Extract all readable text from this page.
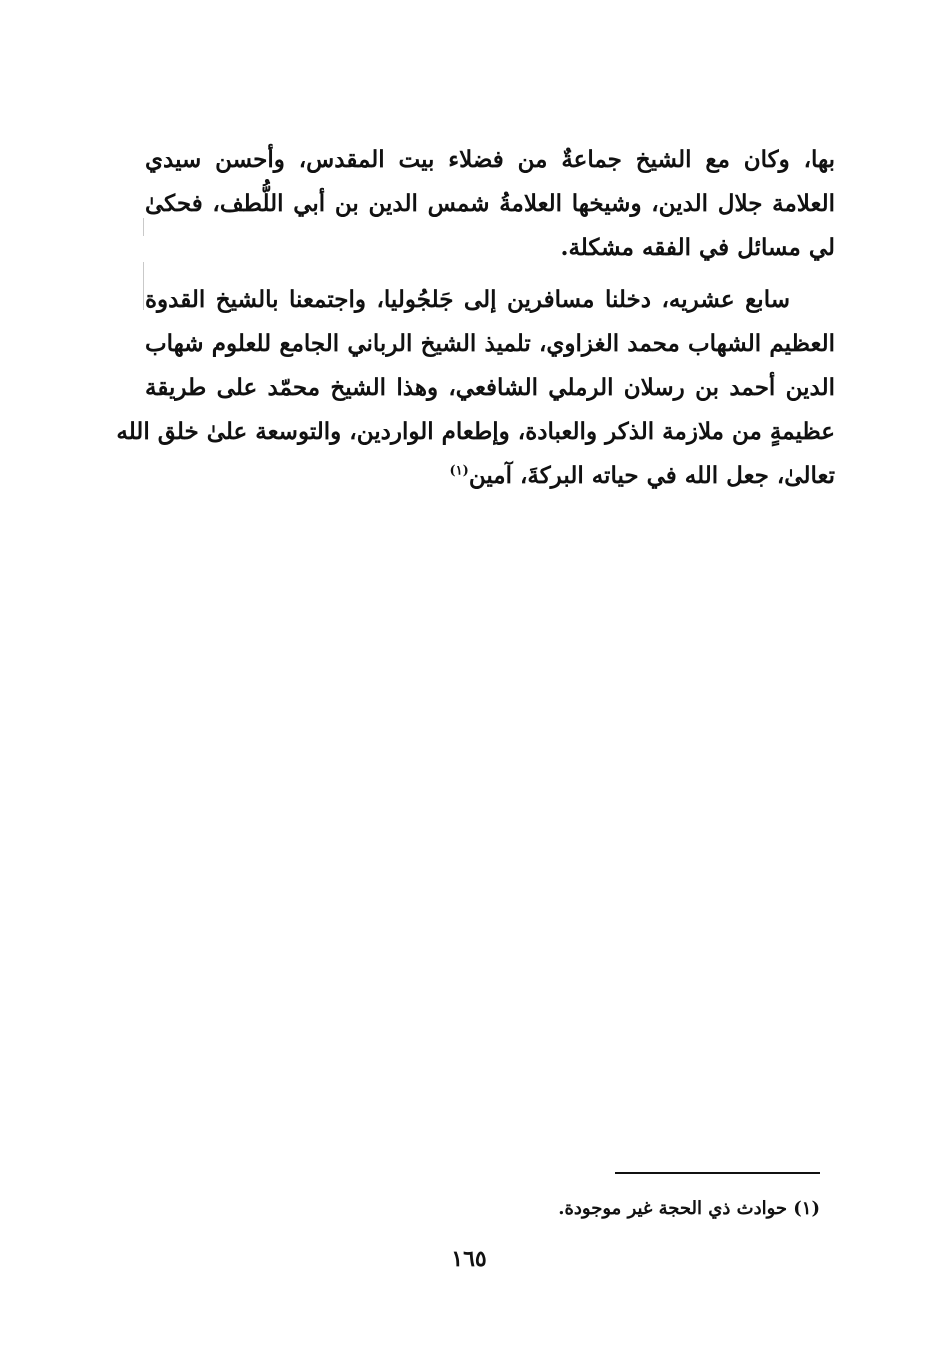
بها، وكان مع الشيخ جماعةٌ من فضلاء بيت المقدس، وأحسن سيدي
العلامة جلال الدين، وشيخها العلامةُ شمس الدين بن أبي اللُّطف، فحكىٰ
لي مسائل في الفقه مشكلة.
سابع عشريه، دخلنا مسافرين إلى جَلجُوليا، واجتمعنا بالشيخ القدوة
العظيم الشهاب محمد الغزاوي، تلميذ الشيخ الرباني الجامع للعلوم شهاب
الدين أحمد بن رسلان الرملي الشافعي، وهذا الشيخ محمّد على طريقة
عظيمةٍ من ملازمة الذكر والعبادة، وإطعام الواردين، والتوسعة علىٰ خلق الله
تعالىٰ، جعل الله في حياته البركةَ، آمين$^{(١)}$
(١) حوادث ذي الحجة غير موجودة.
١٦٥
